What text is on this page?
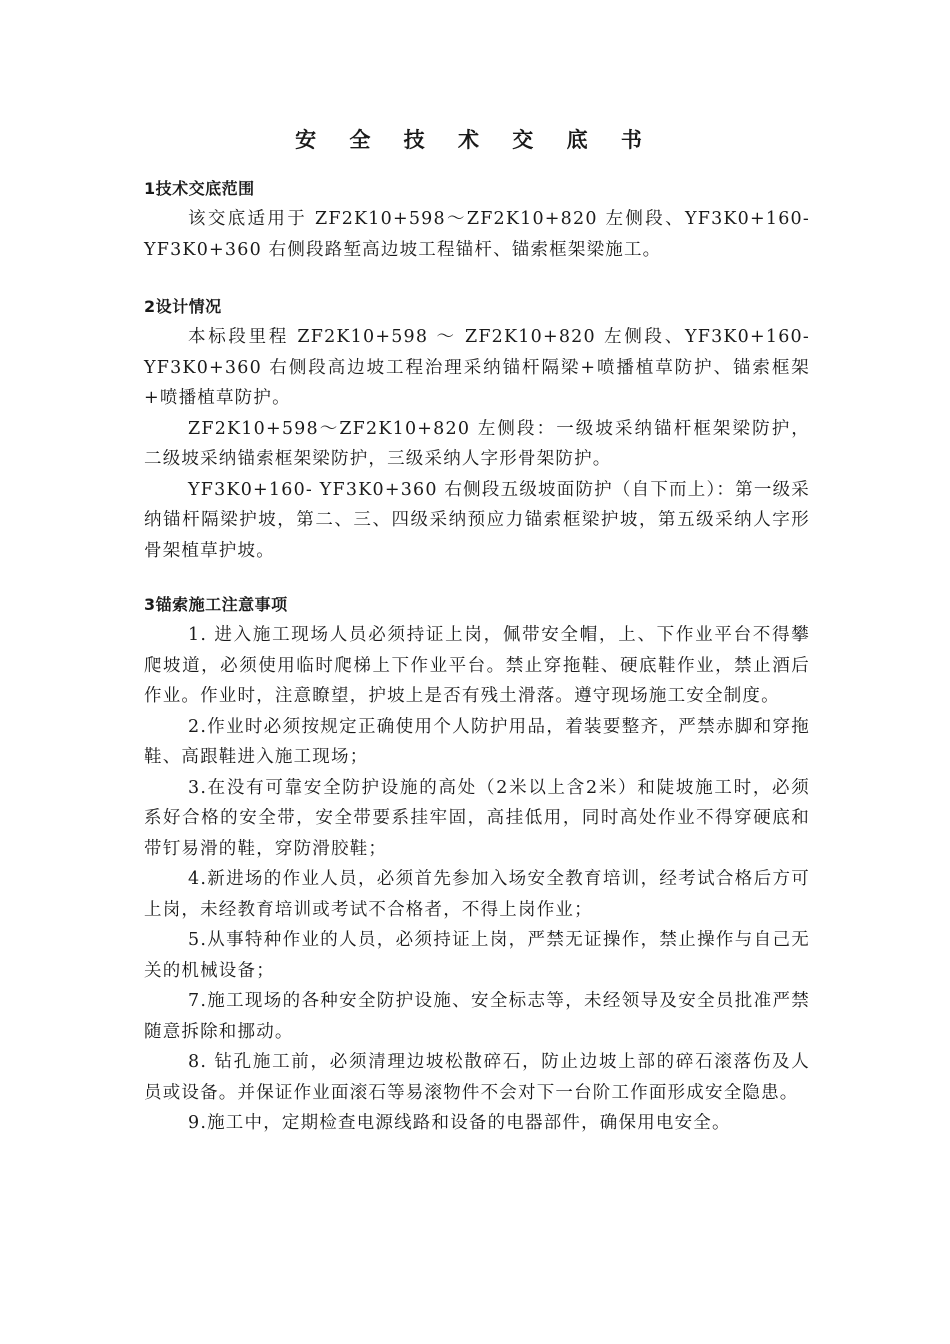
安 全 技 术 交 底 书

1技术交底范围

该交底适用于 ZF2K10+598～ZF2K10+820 左侧段、YF3K0+160-YF3K0+360 右侧段路堑高边坡工程锚杆、锚索框架梁施工。

2设计情况

本标段里程 ZF2K10+598 ～ ZF2K10+820 左侧段、YF3K0+160-YF3K0+360 右侧段高边坡工程治理采纳锚杆隔梁+喷播植草防护、锚索框架+喷播植草防护。

ZF2K10+598～ZF2K10+820 左侧段：一级坡采纳锚杆框架梁防护，二级坡采纳锚索框架梁防护，三级采纳人字形骨架防护。

YF3K0+160- YF3K0+360 右侧段五级坡面防护（自下而上）：第一级采纳锚杆隔梁护坡，第二、三、四级采纳预应力锚索框梁护坡，第五级采纳人字形骨架植草护坡。

3锚索施工注意事项

1. 进入施工现场人员必须持证上岗，佩带安全帽，上、下作业平台不得攀爬坡道，必须使用临时爬梯上下作业平台。禁止穿拖鞋、硬底鞋作业，禁止酒后作业。作业时，注意瞭望，护坡上是否有残土滑落。遵守现场施工安全制度。

2.作业时必须按规定正确使用个人防护用品，着装要整齐，严禁赤脚和穿拖鞋、高跟鞋进入施工现场；

3.在没有可靠安全防护设施的高处（2米以上含2米）和陡坡施工时，必须系好合格的安全带，安全带要系挂牢固，高挂低用，同时高处作业不得穿硬底和带钉易滑的鞋，穿防滑胶鞋；

4.新进场的作业人员，必须首先参加入场安全教育培训，经考试合格后方可上岗，未经教育培训或考试不合格者，不得上岗作业；

5.从事特种作业的人员，必须持证上岗，严禁无证操作，禁止操作与自己无关的机械设备；

7.施工现场的各种安全防护设施、安全标志等，未经领导及安全员批准严禁随意拆除和挪动。

8. 钻孔施工前，必须清理边坡松散碎石，防止边坡上部的碎石滚落伤及人员或设备。并保证作业面滚石等易滚物件不会对下一台阶工作面形成安全隐患。

9.施工中，定期检查电源线路和设备的电器部件，确保用电安全。
